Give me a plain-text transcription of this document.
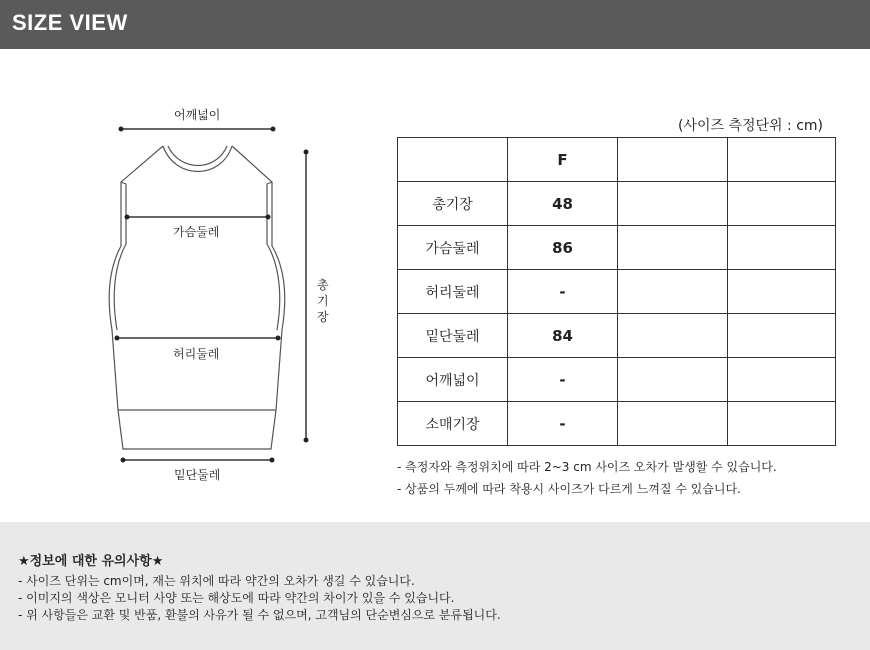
SIZE VIEW
어깨넓이
가슴둘레
허리둘레
밑단둘레
총
기
장
(사이즈 측정단위 : cm)
	F		
총기장	48		
가슴둘레	86		
허리둘레	-		
밑단둘레	84		
어깨넓이	-		
소매기장	-		
- 측정자와 측정위치에 따라 2~3 cm 사이즈 오차가 발생할 수 있습니다.
- 상품의 두께에 따라 착용시 사이즈가 다르게 느껴질 수 있습니다.
★정보에 대한 유의사항★
- 사이즈 단위는 cm이며, 재는 위치에 따라 약간의 오차가 생길 수 있습니다.
- 이미지의 색상은 모니터 사양 또는 해상도에 따라 약간의 차이가 있을 수 있습니다.
- 위 사항들은 교환 및 반품, 환불의 사유가 될 수 없으며, 고객님의 단순변심으로 분류됩니다.
